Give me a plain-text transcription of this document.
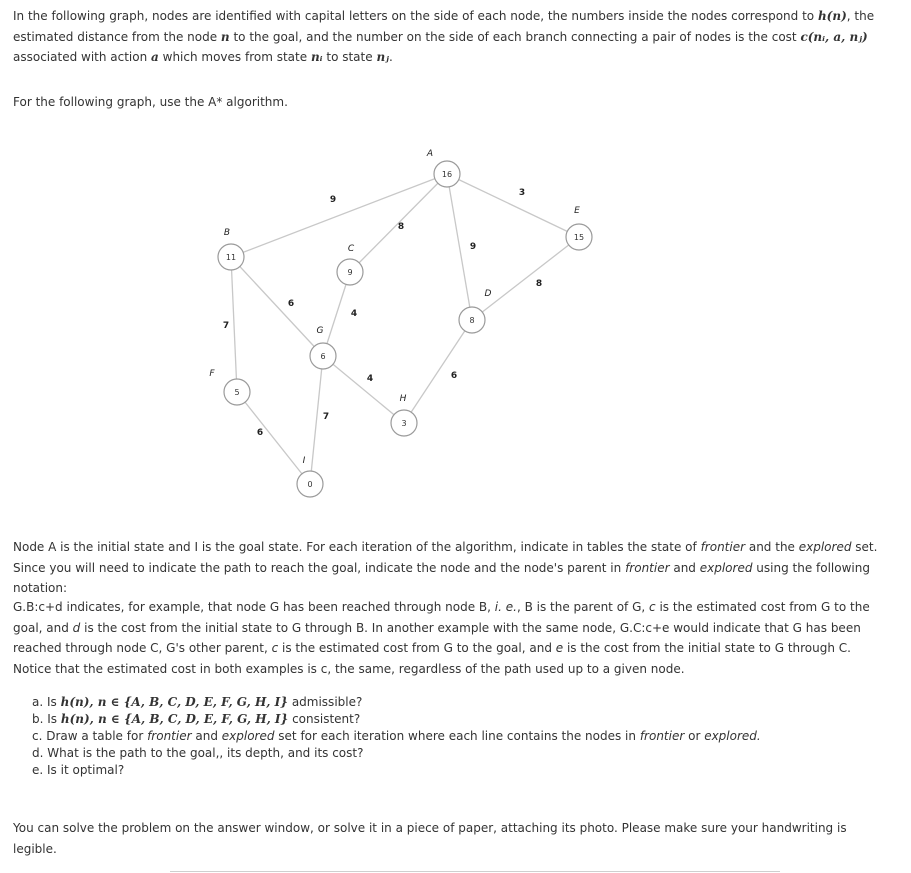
In the following graph, nodes are identified with capital letters on the side of each node, the numbers inside the nodes correspond to h(n), the estimated distance from the node n to the goal, and the number on the side of each branch connecting a pair of nodes is the cost c(nᵢ, a, nⱼ) associated with action a which moves from state nᵢ to state nⱼ.

For the following graph, use the A* algorithm.

9
3
8
9
7
6
4
8
6
4
7
6
16
A
11
B
9
C
8
D
15
E
5
F
6
G
3
H
0
I

Node A is the initial state and I is the goal state. For each iteration of the algorithm, indicate in tables the state of frontier and the explored set. Since you will need to indicate the path to reach the goal, indicate the node and the node's parent in frontier and explored using the following notation:

G.B:c+d indicates, for example, that node G has been reached through node B, i. e., B is the parent of G, c is the estimated cost from G to the goal, and d is the cost from the initial state to G through B. In another example with the same node, G.C:c+e would indicate that G has been reached through node C, G's other parent, c is the estimated cost from G to the goal, and e is the cost from the initial state to G through C. Notice that the estimated cost in both examples is c, the same, regardless of the path used up to a given node.

a. Is h(n), n ∈ {A, B, C, D, E, F, G, H, I} admissible?
b. Is h(n), n ∈ {A, B, C, D, E, F, G, H, I} consistent?
c. Draw a table for frontier and explored set for each iteration where each line contains the nodes in frontier or explored.
d. What is the path to the goal,, its depth, and its cost?
e. Is it optimal?

You can solve the problem on the answer window, or solve it in a piece of paper, attaching its photo. Please make sure your handwriting is legible.
